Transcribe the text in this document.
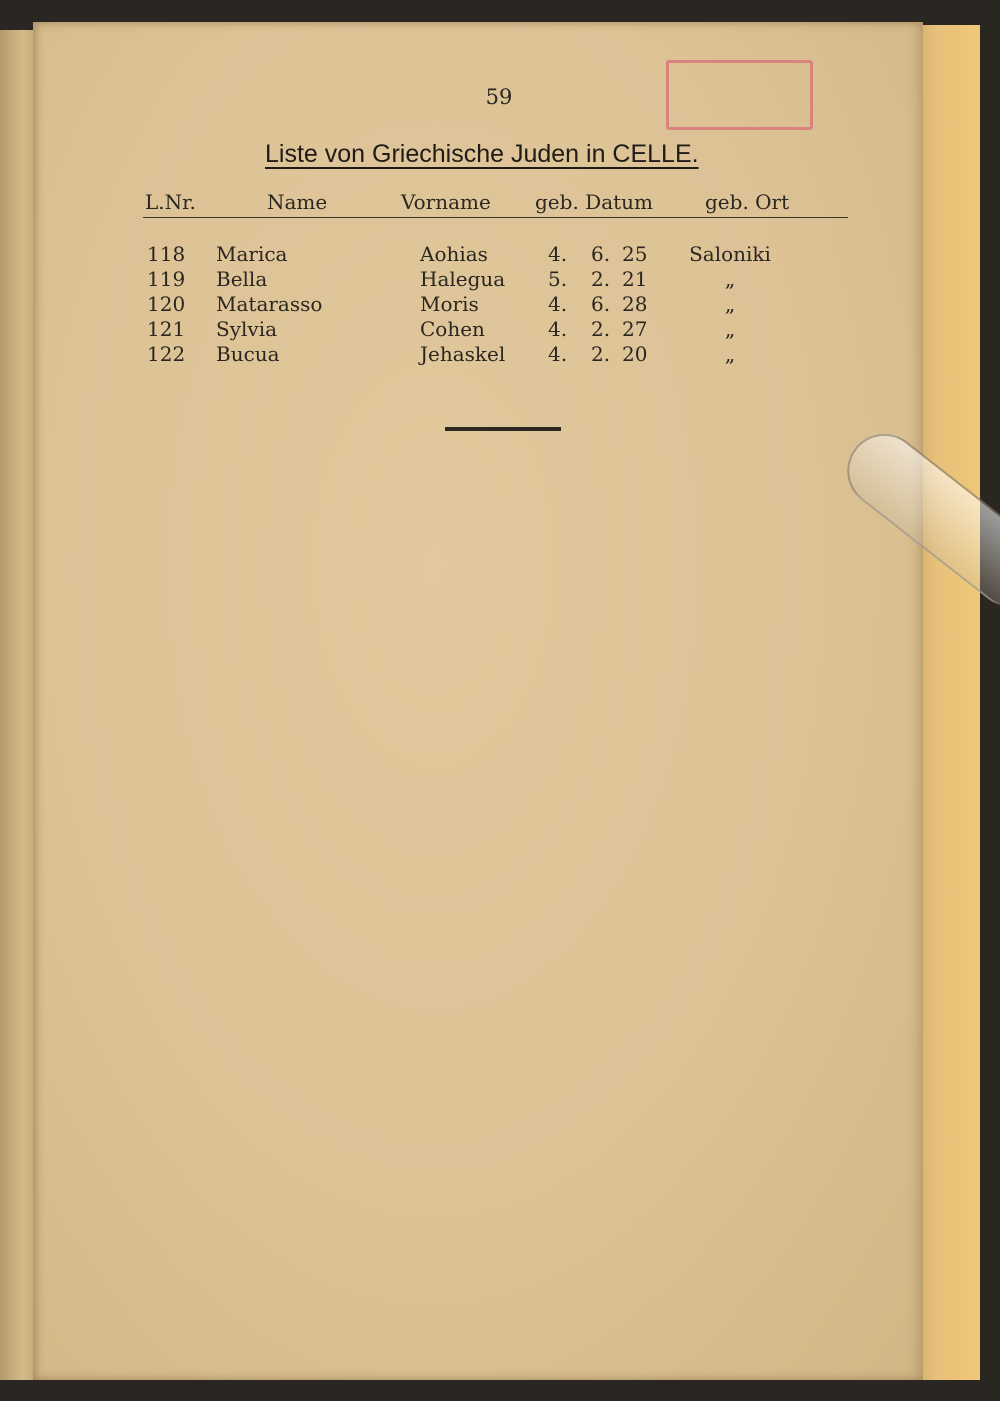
59
Liste von Griechische Juden in CELLE.
L.Nr.	Name	Vorname geb. Datum	geb. Ort
118 Marica	Aohias	4. 6. 25	Saloniki
119 Bella	Halegua 5. 2. 21	„
120 Matarasso	Moris	4. 6. 28	„
121 Sylvia	Cohen	4. 2. 27	„
122 Bucua	Jehaskel 4. 2. 20	„
